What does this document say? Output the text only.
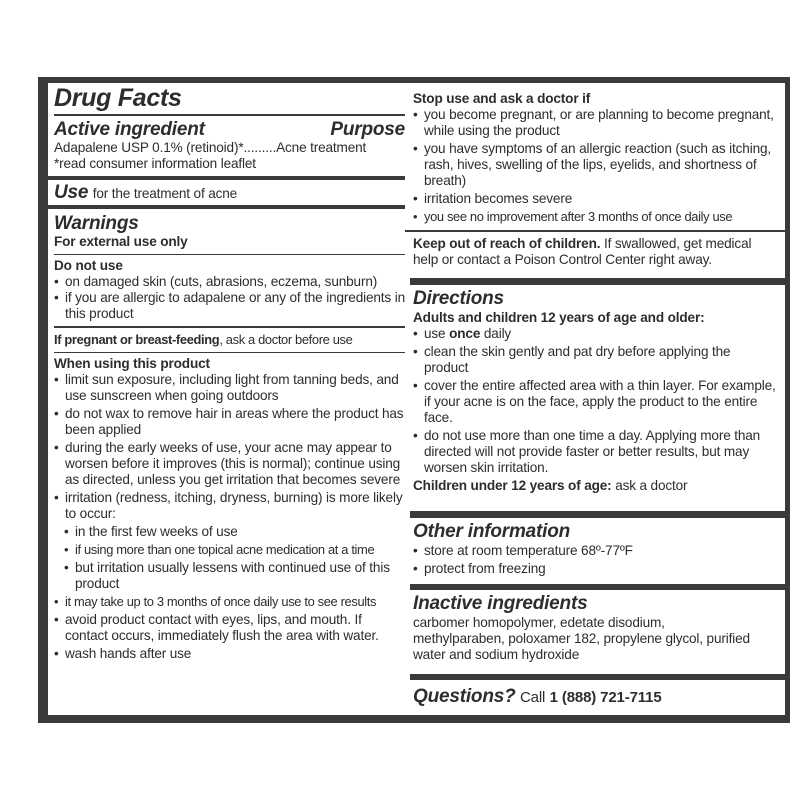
Drug Facts
Active ingredient	Purpose
Adapalene USP 0.1% (retinoid)*.........Acne treatment
*read consumer information leaflet
Use for the treatment of acne
Warnings
For external use only
Do not use
• on damaged skin (cuts, abrasions, eczema, sunburn)
• if you are allergic to adapalene or any of the ingredients in this product
If pregnant or breast-feeding, ask a doctor before use
When using this product
• limit sun exposure, including light from tanning beds, and use sunscreen when going outdoors
• do not wax to remove hair in areas where the product has been applied
• during the early weeks of use, your acne may appear to worsen before it improves (this is normal); continue using as directed, unless you get irritation that becomes severe
• irritation (redness, itching, dryness, burning) is more likely to occur:
• in the first few weeks of use
• if using more than one topical acne medication at a time
• but irritation usually lessens with continued use of this product
• it may take up to 3 months of once daily use to see results
• avoid product contact with eyes, lips, and mouth. If contact occurs, immediately flush the area with water.
• wash hands after use
Stop use and ask a doctor if
• you become pregnant, or are planning to become pregnant, while using the product
• you have symptoms of an allergic reaction (such as itching, rash, hives, swelling of the lips, eyelids, and shortness of breath)
• irritation becomes severe
• you see no improvement after 3 months of once daily use
Keep out of reach of children. If swallowed, get medical help or contact a Poison Control Center right away.
Directions
Adults and children 12 years of age and older:
• use once daily
• clean the skin gently and pat dry before applying the product
• cover the entire affected area with a thin layer. For example, if your acne is on the face, apply the product to the entire face.
• do not use more than one time a day. Applying more than directed will not provide faster or better results, but may worsen skin irritation.
Children under 12 years of age: ask a doctor
Other information
• store at room temperature 68º-77ºF
• protect from freezing
Inactive ingredients
carbomer homopolymer, edetate disodium, methylparaben, poloxamer 182, propylene glycol, purified water and sodium hydroxide
Questions? Call 1 (888) 721-7115
